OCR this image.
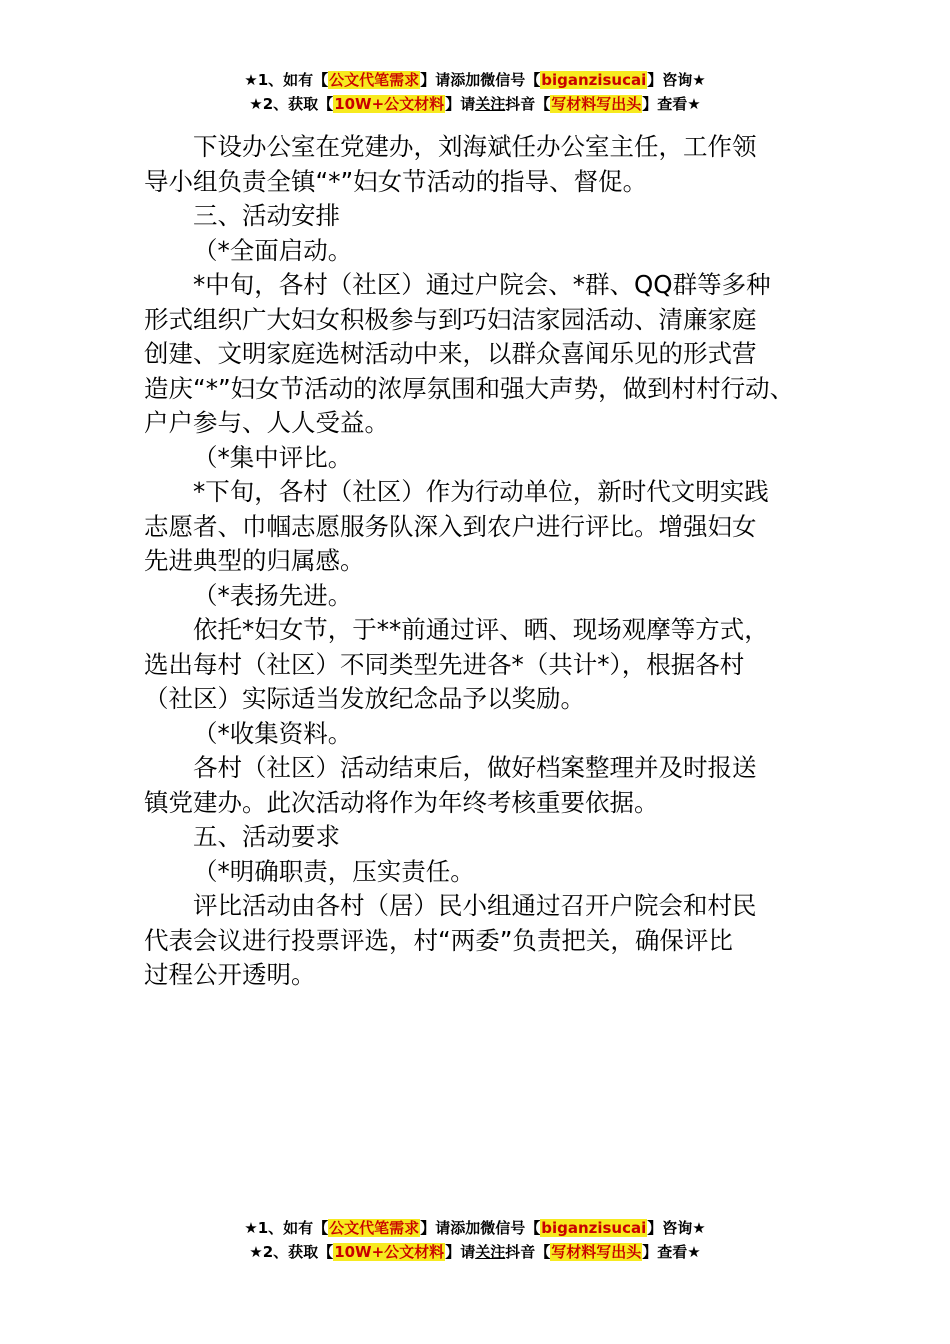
★1、如有【公文代笔需求】请添加微信号【biganzisucai】咨询★
★2、获取【10W+公文材料】请关注抖音【写材料写出头】查看★

下设办公室在党建办，刘海斌任办公室主任，工作领

导小组负责全镇“*”妇女节活动的指导、督促。

三、活动安排

（*全面启动。

*中旬，各村（社区）通过户院会、*群、QQ群等多种

形式组织广大妇女积极参与到巧妇洁家园活动、清廉家庭

创建、文明家庭选树活动中来，以群众喜闻乐见的形式营

造庆“*”妇女节活动的浓厚氛围和强大声势，做到村村行动、

户户参与、人人受益。

（*集中评比。

*下旬，各村（社区）作为行动单位，新时代文明实践

志愿者、巾帼志愿服务队深入到农户进行评比。增强妇女

先进典型的归属感。

（*表扬先进。

依托*妇女节，于**前通过评、晒、现场观摩等方式，

选出每村（社区）不同类型先进各*（共计*），根据各村

（社区）实际适当发放纪念品予以奖励。

（*收集资料。

各村（社区）活动结束后，做好档案整理并及时报送

镇党建办。此次活动将作为年终考核重要依据。

五、活动要求

（*明确职责，压实责任。

评比活动由各村（居）民小组通过召开户院会和村民

代表会议进行投票评选，村“两委”负责把关，确保评比

过程公开透明。

★1、如有【公文代笔需求】请添加微信号【biganzisucai】咨询★
★2、获取【10W+公文材料】请关注抖音【写材料写出头】查看★
